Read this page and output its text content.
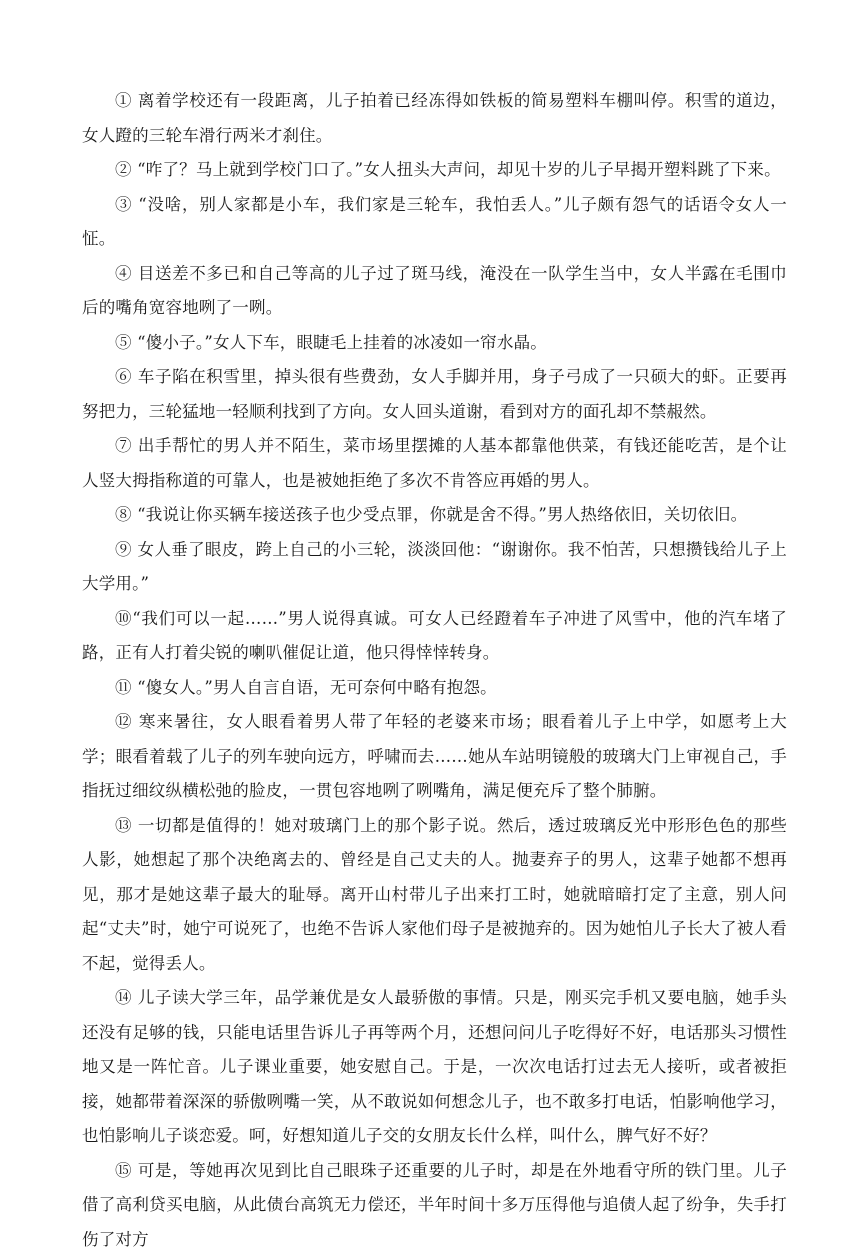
① 离着学校还有一段距离，儿子拍着已经冻得如铁板的简易塑料车棚叫停。积雪的道边，女人蹬的三轮车滑行两米才刹住。

② “咋了？马上就到学校门口了。”女人扭头大声问，却见十岁的儿子早揭开塑料跳了下来。

③ “没啥，别人家都是小车，我们家是三轮车，我怕丢人。”儿子颇有怨气的话语令女人一怔。

④ 目送差不多已和自己等高的儿子过了斑马线，淹没在一队学生当中，女人半露在毛围巾后的嘴角宽容地咧了一咧。

⑤ “傻小子。”女人下车，眼睫毛上挂着的冰凌如一帘水晶。

⑥ 车子陷在积雪里，掉头很有些费劲，女人手脚并用，身子弓成了一只硕大的虾。正要再努把力，三轮猛地一轻顺利找到了方向。女人回头道谢，看到对方的面孔却不禁赧然。

⑦ 出手帮忙的男人并不陌生，菜市场里摆摊的人基本都靠他供菜，有钱还能吃苦，是个让人竖大拇指称道的可靠人，也是被她拒绝了多次不肯答应再婚的男人。

⑧ “我说让你买辆车接送孩子也少受点罪，你就是舍不得。”男人热络依旧，关切依旧。

⑨ 女人垂了眼皮，跨上自己的小三轮，淡淡回他：“谢谢你。我不怕苦，只想攒钱给儿子上大学用。”

⑩“我们可以一起……”男人说得真诚。可女人已经蹬着车子冲进了风雪中，他的汽车堵了路，正有人打着尖锐的喇叭催促让道，他只得悻悻转身。

⑪ “傻女人。”男人自言自语，无可奈何中略有抱怨。

⑫ 寒来暑往，女人眼看着男人带了年轻的老婆来市场；眼看着儿子上中学，如愿考上大学；眼看着载了儿子的列车驶向远方，呼啸而去……她从车站明镜般的玻璃大门上审视自己，手指抚过细纹纵横松弛的脸皮，一贯包容地咧了咧嘴角，满足便充斥了整个肺腑。

⑬ 一切都是值得的！她对玻璃门上的那个影子说。然后，透过玻璃反光中形形色色的那些人影，她想起了那个决绝离去的、曾经是自己丈夫的人。抛妻弃子的男人，这辈子她都不想再见，那才是她这辈子最大的耻辱。离开山村带儿子出来打工时，她就暗暗打定了主意，别人问起“丈夫”时，她宁可说死了，也绝不告诉人家他们母子是被抛弃的。因为她怕儿子长大了被人看不起，觉得丢人。

⑭ 儿子读大学三年，品学兼优是女人最骄傲的事情。只是，刚买完手机又要电脑，她手头还没有足够的钱，只能电话里告诉儿子再等两个月，还想问问儿子吃得好不好，电话那头习惯性地又是一阵忙音。儿子课业重要，她安慰自己。于是，一次次电话打过去无人接听，或者被拒接，她都带着深深的骄傲咧嘴一笑，从不敢说如何想念儿子，也不敢多打电话，怕影响他学习，也怕影响儿子谈恋爱。呵，好想知道儿子交的女朋友长什么样，叫什么，脾气好不好？

⑮ 可是，等她再次见到比自己眼珠子还重要的儿子时，却是在外地看守所的铁门里。儿子借了高利贷买电脑，从此债台高筑无力偿还，半年时间十多万压得他与追债人起了纷争，失手打伤了对方
